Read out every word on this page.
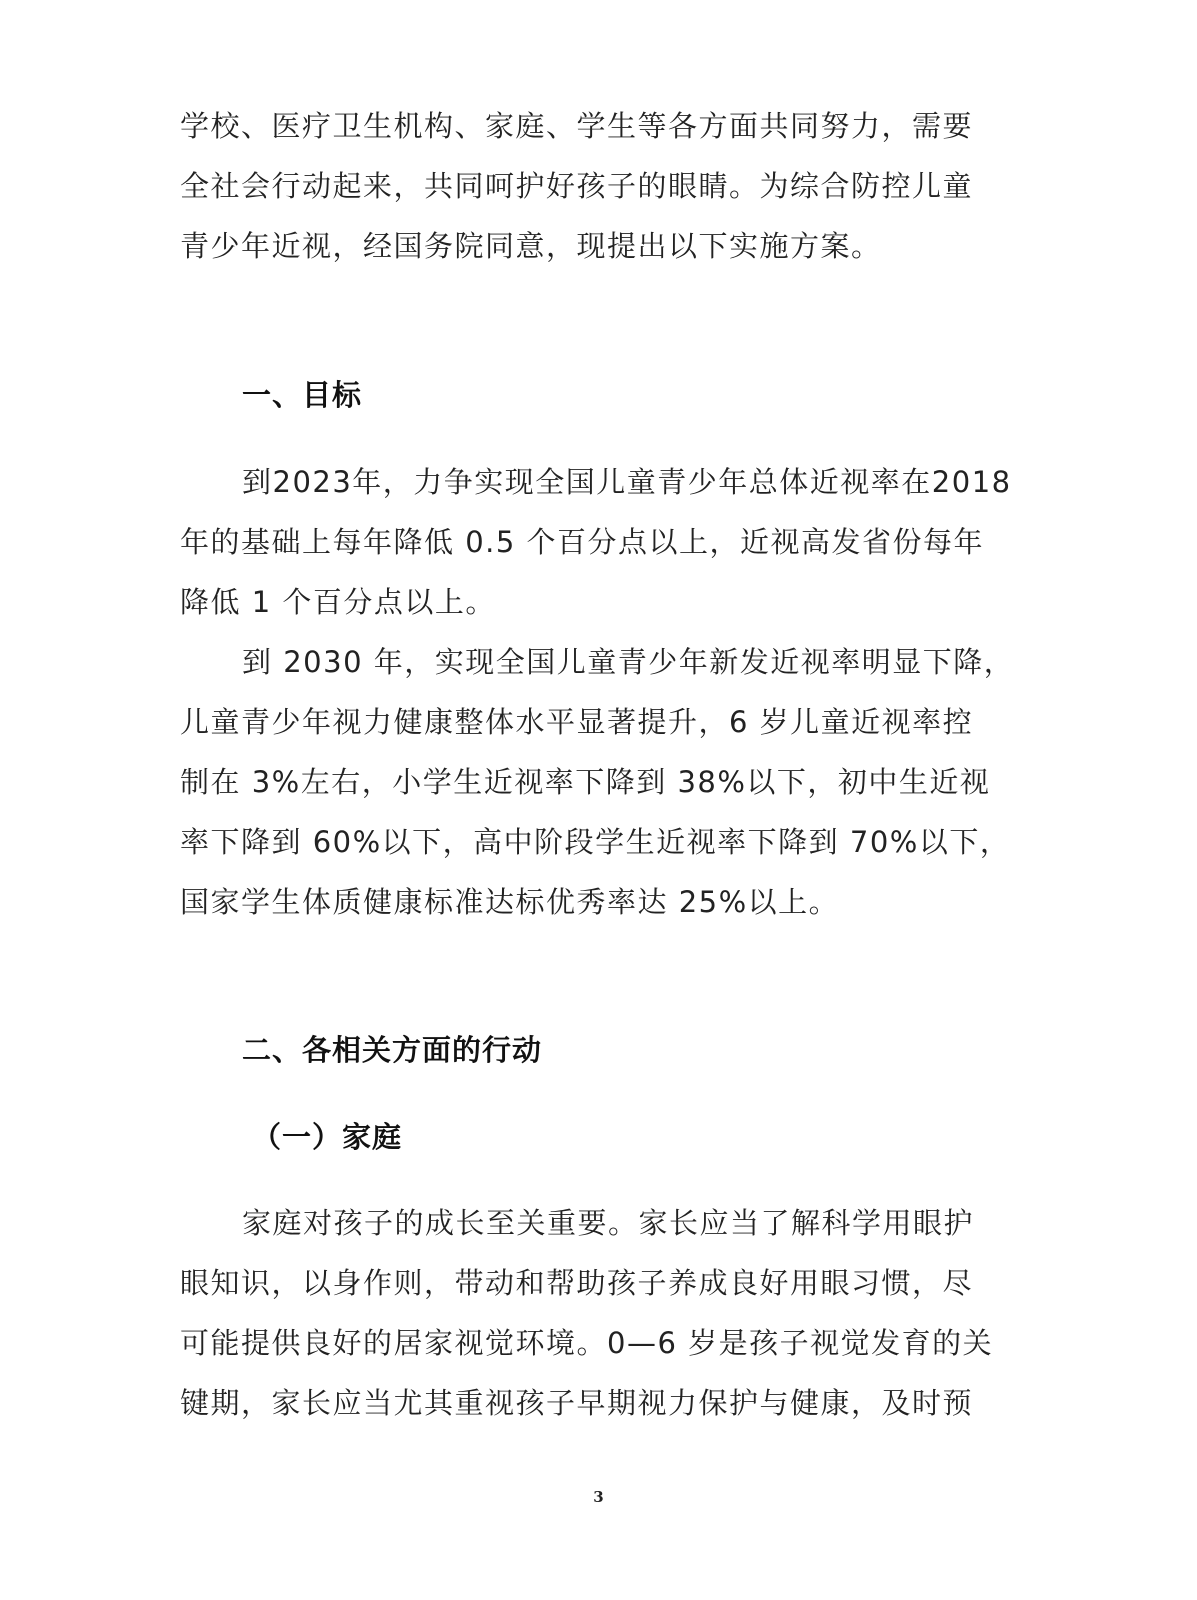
学校、医疗卫生机构、家庭、学生等各方面共同努力，需要
全社会行动起来，共同呵护好孩子的眼睛。为综合防控儿童
青少年近视，经国务院同意，现提出以下实施方案。
一、目标
到2023年，力争实现全国儿童青少年总体近视率在2018
年的基础上每年降低 0.5 个百分点以上，近视高发省份每年
降低 1 个百分点以上。
到 2030 年，实现全国儿童青少年新发近视率明显下降，
儿童青少年视力健康整体水平显著提升，6 岁儿童近视率控
制在 3%左右，小学生近视率下降到 38%以下，初中生近视
率下降到 60%以下，高中阶段学生近视率下降到 70%以下，
国家学生体质健康标准达标优秀率达 25%以上。
二、各相关方面的行动
（一）家庭
家庭对孩子的成长至关重要。家长应当了解科学用眼护
眼知识，以身作则，带动和帮助孩子养成良好用眼习惯，尽
可能提供良好的居家视觉环境。0—6 岁是孩子视觉发育的关
键期，家长应当尤其重视孩子早期视力保护与健康，及时预
3
